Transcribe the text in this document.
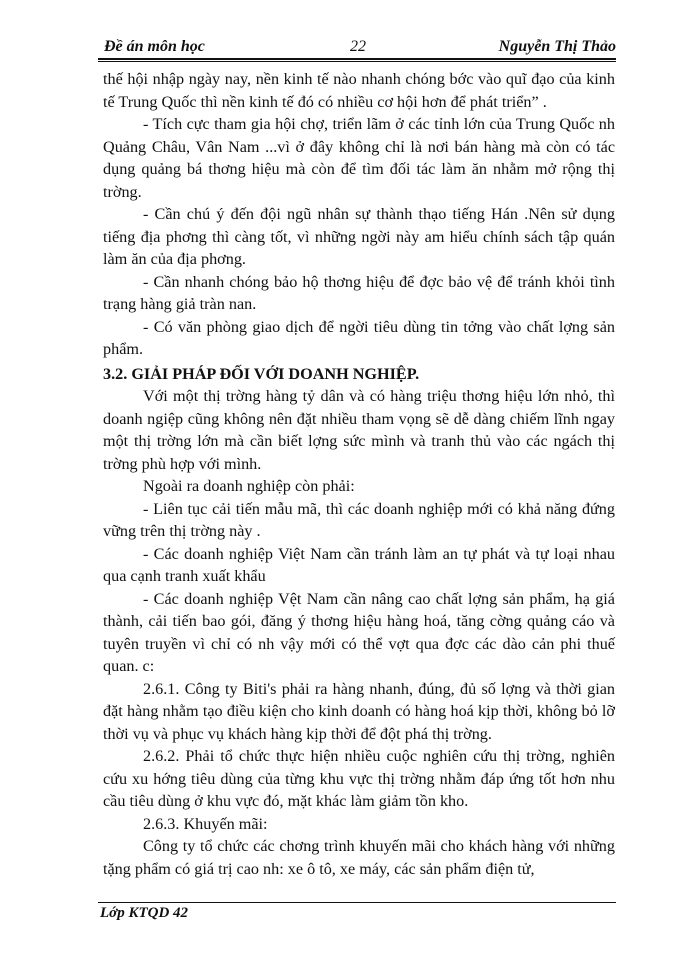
Đề án môn học	22	Nguyễn Thị Thảo

thế hội nhập ngày nay, nền kinh tế nào nhanh chóng bớc vào quĩ đạo của kinh tế Trung Quốc thì nền kinh tế đó có nhiều cơ hội hơn để phát triển” .

- Tích cực tham gia hội chợ, triển lãm ở các tỉnh lớn của Trung Quốc nh Quảng Châu, Vân Nam ...vì ở đây không chỉ là nơi bán hàng mà còn có tác dụng quảng bá thơng hiệu mà còn để tìm đối tác làm ăn nhằm mở rộng thị trờng.

- Cần chú ý đến đội ngũ nhân sự thành thạo tiếng Hán .Nên sử dụng tiếng địa phơng thì càng tốt, vì những ngời này am hiểu chính sách tập quán làm ăn của địa phơng.

- Cần nhanh chóng bảo hộ thơng hiệu để đợc bảo vệ để tránh khỏi tình trạng hàng giả tràn nan.

- Có văn phòng giao dịch để ngời tiêu dùng tin tởng vào chất lợng sản phẩm.

3.2. GIẢI PHÁP ĐỐI VỚI DOANH NGHIỆP.

Với một thị trờng hàng tỷ dân và có hàng triệu thơng hiệu lớn nhỏ, thì doanh ngiệp cũng không nên đặt nhiều tham vọng sẽ dễ dàng chiếm lĩnh ngay một thị trờng lớn mà cần biết lợng sức mình và tranh thủ vào các ngách thị trờng phù hợp với mình.

Ngoài ra doanh nghiệp còn phải:

- Liên tục cải tiến mẫu mã, thì các doanh nghiệp mới có khả năng đứng vững trên thị trờng này .

- Các doanh nghiệp Việt Nam cần tránh làm an tự phát và tự loại nhau qua cạnh tranh xuất khẩu

- Các doanh nghiệp Vệt Nam cần nâng cao chất lợng sản phẩm, hạ giá thành, cải tiến bao gói, đăng ý thơng hiệu hàng hoá, tăng cờng quảng cáo và tuyên truyền vì chỉ có nh vậy mới có thể vợt qua đợc các dào cản phi thuế quan. c:

2.6.1. Công ty Biti's phải ra hàng nhanh, đúng, đủ số lợng và thời gian đặt hàng nhằm tạo điều kiện cho kinh doanh có hàng hoá kịp thời, không bỏ lỡ thời vụ và phục vụ khách hàng kịp thời để đột phá thị trờng.

2.6.2. Phải tổ chức thực hiện nhiều cuộc nghiên cứu thị trờng, nghiên cứu xu hớng tiêu dùng của từng khu vực thị trờng nhằm đáp ứng tốt hơn nhu cầu tiêu dùng ở khu vực đó, mặt khác làm giảm tồn kho.

2.6.3. Khuyến mãi:

Công ty tổ chức các chơng trình khuyến mãi cho khách hàng với những tặng phẩm có giá trị cao nh: xe ô tô, xe máy, các sản phẩm điện tử,

Lớp KTQD 42
